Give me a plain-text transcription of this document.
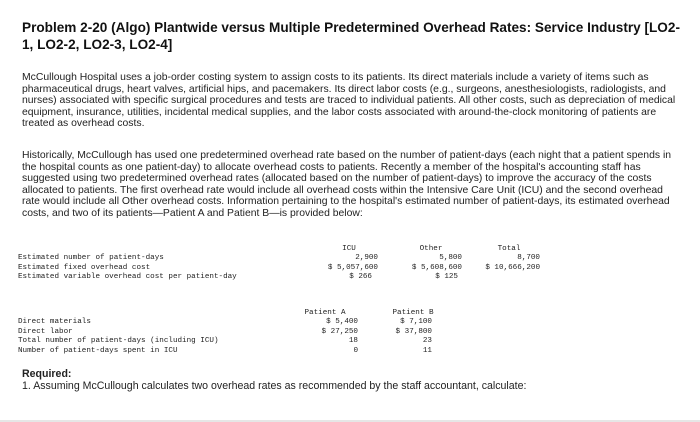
Problem 2-20 (Algo) Plantwide versus Multiple Predetermined Overhead Rates: Service Industry [LO2-1, LO2-2, LO2-3, LO2-4]
McCullough Hospital uses a job-order costing system to assign costs to its patients. Its direct materials include a variety of items such as pharmaceutical drugs, heart valves, artificial hips, and pacemakers. Its direct labor costs (e.g., surgeons, anesthesiologists, radiologists, and nurses) associated with specific surgical procedures and tests are traced to individual patients. All other costs, such as depreciation of medical equipment, insurance, utilities, incidental medical supplies, and the labor costs associated with around-the-clock monitoring of patients are treated as overhead costs.
Historically, McCullough has used one predetermined overhead rate based on the number of patient-days (each night that a patient spends in the hospital counts as one patient-day) to allocate overhead costs to patients. Recently a member of the hospital's accounting staff has suggested using two predetermined overhead rates (allocated based on the number of patient-days) to improve the accuracy of the costs allocated to patients. The first overhead rate would include all overhead costs within the Intensive Care Unit (ICU) and the second overhead rate would include all Other overhead costs. Information pertaining to the hospital's estimated number of patient-days, its estimated overhead costs, and two of its patients—Patient A and Patient B—is provided below:
ICU	Other	Total
Estimated number of patient-days	2,900	5,800	8,700
Estimated fixed overhead cost	$ 5,057,600	$ 5,608,600	$ 10,666,200
Estimated variable overhead cost per patient-day	$ 266	$ 125
Patient A	Patient B
Direct materials	$ 5,400	$ 7,100
Direct labor	$ 27,250	$ 37,800
Total number of patient-days (including ICU)	18	23
Number of patient-days spent in ICU	0	11
Required:
1. Assuming McCullough calculates two overhead rates as recommended by the staff accountant, calculate:
